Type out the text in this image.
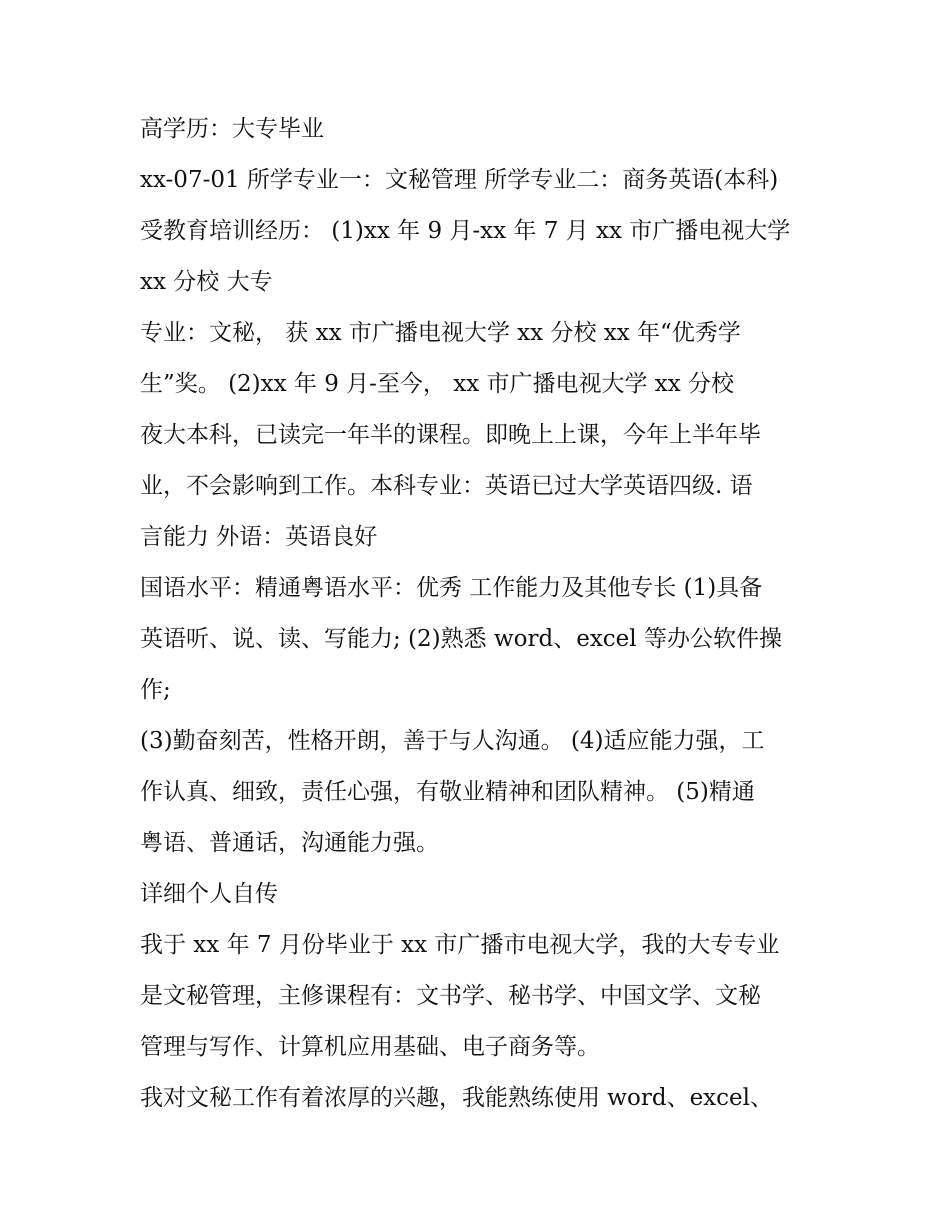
高学历：大专毕业
xx-07-01 所学专业一：文秘管理 所学专业二：商务英语(本科)
受教育培训经历： (1)xx 年 9 月-xx 年 7 月 xx 市广播电视大学
xx 分校 大专
专业：文秘， 获 xx 市广播电视大学 xx 分校 xx 年“优秀学
生”奖。 (2)xx 年 9 月-至今， xx 市广播电视大学 xx 分校
夜大本科，已读完一年半的课程。即晚上上课，今年上半年毕
业，不会影响到工作。本科专业：英语已过大学英语四级. 语
言能力 外语：英语良好
国语水平：精通粤语水平：优秀 工作能力及其他专长 (1)具备
英语听、说、读、写能力; (2)熟悉 word、excel 等办公软件操
作;
(3)勤奋刻苦，性格开朗，善于与人沟通。 (4)适应能力强，工
作认真、细致，责任心强，有敬业精神和团队精神。 (5)精通
粤语、普通话，沟通能力强。
详细个人自传
我于 xx 年 7 月份毕业于 xx 市广播市电视大学，我的大专专业
是文秘管理，主修课程有：文书学、秘书学、中国文学、文秘
管理与写作、计算机应用基础、电子商务等。
我对文秘工作有着浓厚的兴趣，我能熟练使用 word、excel、
